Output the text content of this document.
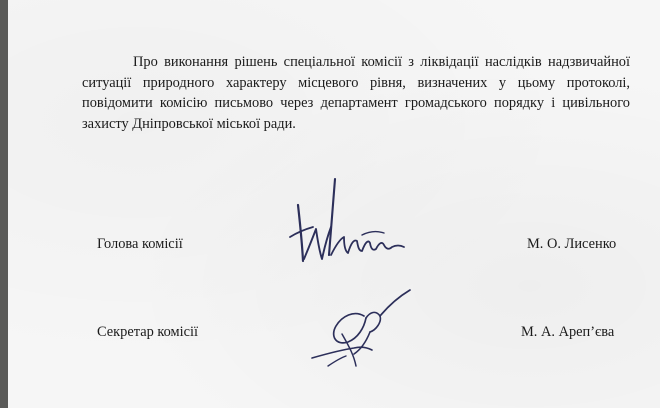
Про виконання рішень спеціальної комісії з ліквідації наслідків надзвичайної ситуації природного характеру місцевого рівня, визначених у цьому протоколі, повідомити комісію письмово через департамент громадського порядку і цивільного захисту Дніпровської міської ради.

Голова комісії	М. О. Лисенко
Секретар комісії	М. А. Ареп’єва
